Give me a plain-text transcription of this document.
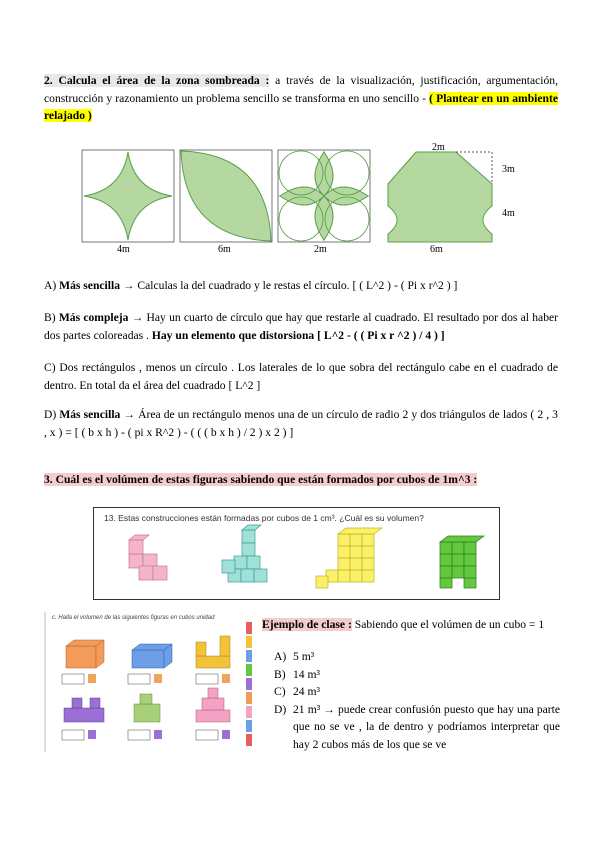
2. Calcula el área de la zona sombreada : a través de la visualización, justificación, argumentación, construcción y razonamiento un problema sencillo se transforma en uno sencillo - ( Plantear en un ambiente relajado )
4m	6m	2m	6m
2m
3m
4m
A) Más sencilla → Calculas la del cuadrado y le restas el círculo. [ ( L^2 ) - ( Pi x r^2 ) ]
B) Más compleja → Hay un cuarto de círculo que hay que restarle al cuadrado. El resultado por dos al haber dos partes coloreadas . Hay un elemento que distorsiona [ L^2 - ( ( Pi x r ^2 ) / 4 ) ]
C) Dos rectángulos , menos un círculo . Los laterales de lo que sobra del rectángulo cabe en el cuadrado de dentro. En total da el área del cuadrado [ L^2 ]
D) Más sencilla → Área de un rectángulo menos una de un círculo de radio 2 y dos triángulos de lados ( 2 , 3 , x ) = [ ( b x h ) - ( pi x R^2 ) - ( ( ( b x h ) / 2 ) x 2 ) ]
3. Cuál es el volúmen de estas figuras sabiendo que están formados por cubos de 1m^3 :
13. Estas construcciones están formadas por cubos de 1 cm³. ¿Cuál es su volumen?
c. Halla el volumen de las siguientes figuras en cubos unidad	Ejemplo de clase : Sabiendo que el volúmen de un cubo = 1
A) 5 m³
B) 14 m³
C) 24 m³
D) 21 m³ → puede crear confusión puesto que hay una parte que no se ve , la de dentro y podríamos interpretar que hay 2 cubos más de los que se ve
